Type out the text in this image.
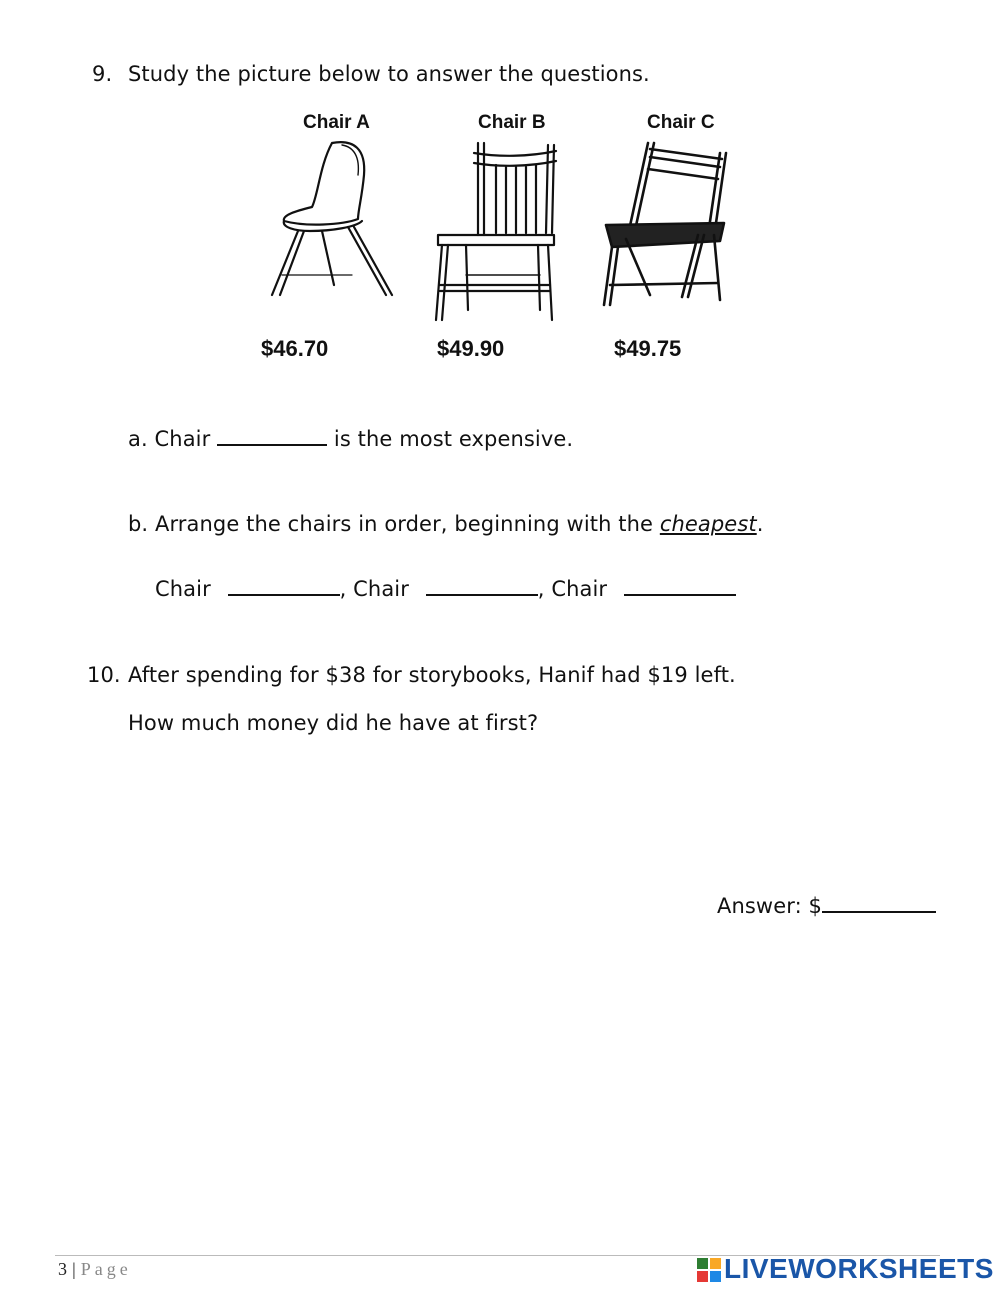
9. Study the picture below to answer the questions.
Chair A	Chair B	Chair C
$46.70	$49.90	$49.75
a. Chair	is the most expensive.
b. Arrange the chairs in order, beginning with the cheapest.
Chair	, Chair	, Chair
10. After spending for $38 for storybooks, Hanif had $19 left.
How much money did he have at first?
Answer: $
3 | Page	LIVEWORKSHEETS
